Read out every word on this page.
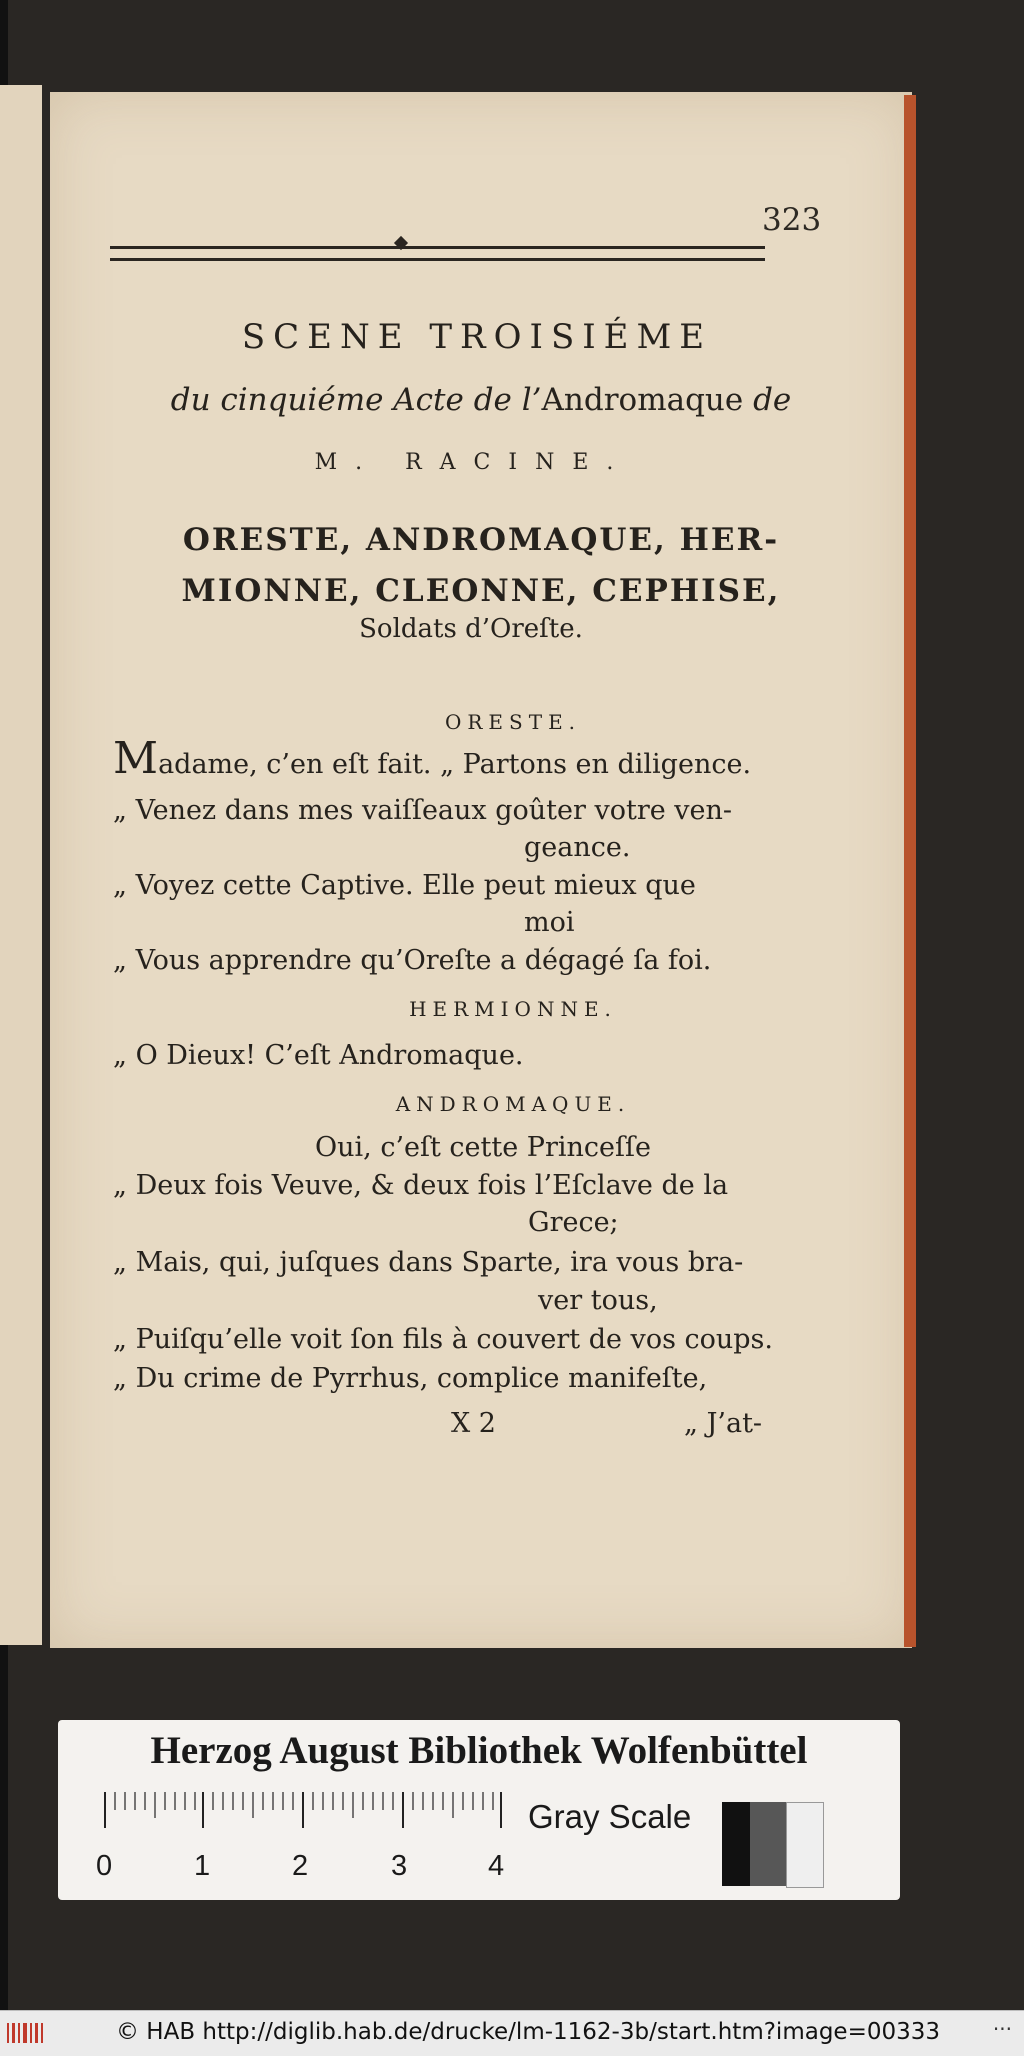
323
SCENE TROISIÉME
du cinquiéme Acte de l’Andromaque de
M. RACINE.
ORESTE, ANDROMAQUE, HER-
MIONNE, CLEONNE, CEPHISE,
Soldats d’Oreſte.
ORESTE.
Madame, c’en eſt fait. „ Partons en diligence.
„ Venez dans mes vaiſſeaux goûter votre ven-
geance.
„ Voyez cette Captive. Elle peut mieux que
moi
„ Vous apprendre qu’Oreſte a dégagé ſa foi.
HERMIONNE.
„ O Dieux! C’eſt Andromaque.
ANDROMAQUE.
Oui, c’eſt cette Princeſſe
„ Deux fois Veuve, & deux fois l’Eſclave de la
Grece;
„ Mais, qui, juſques dans Sparte, ira vous bra-
ver tous,
„ Puiſqu’elle voit ſon fils à couvert de vos coups.
„ Du crime de Pyrrhus, complice manifeſte,
X 2	„ J’at-
Herzog August Bibliothek Wolfenbüttel
0	1	2	3	4
Gray Scale
© HAB http://diglib.hab.de/drucke/lm-1162-3b/start.htm?image=00333	···
